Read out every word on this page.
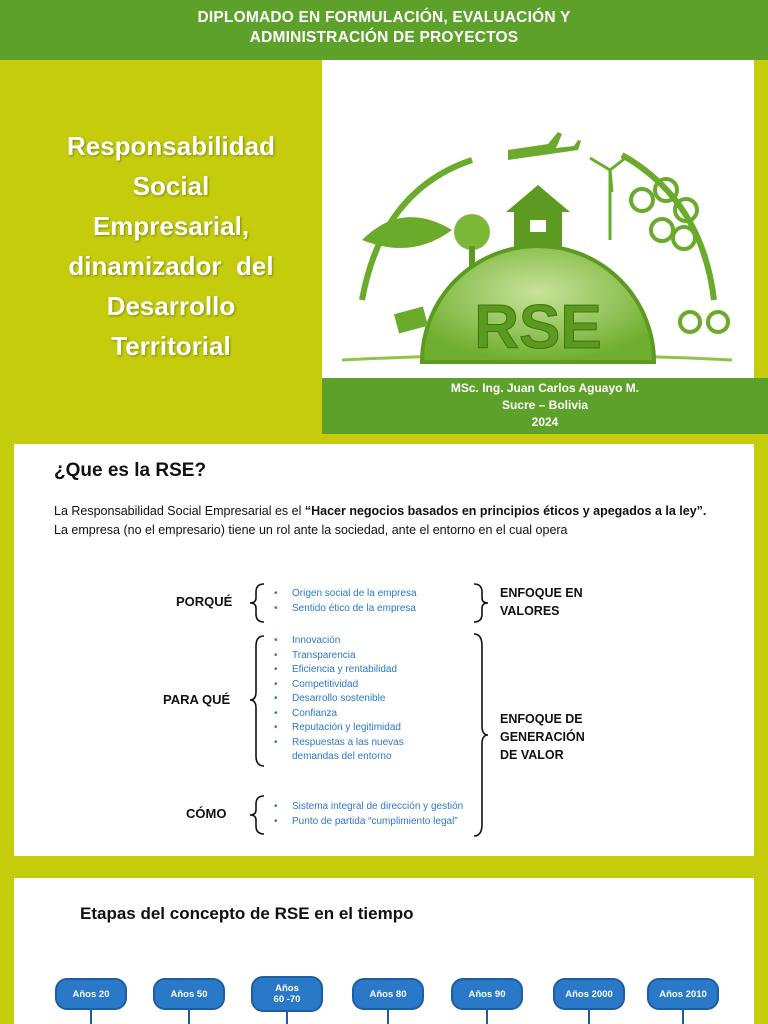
DIPLOMADO EN FORMULACIÓN, EVALUACIÓN Y
ADMINISTRACIÓN DE PROYECTOS
Responsabilidad
Social
Empresarial,
dinamizador  del
Desarrollo
Territorial	RSE
MSc. Ing. Juan Carlos Aguayo M.
Sucre – Bolivia
2024
¿Que es la RSE?
La Responsabilidad Social Empresarial es el “Hacer negocios basados en principios éticos y apegados a la ley”.
La empresa (no el empresario) tiene un rol ante la sociedad, ante el entorno en el cual opera
PORQUÉ
• Origen social de la empresa
• Sentido ético de la empresa
ENFOQUE EN
VALORES
PARA QUÉ
• Innovación
• Transparencia
• Eficiencia y rentabilidad
• Competitividad
• Desarrollo sostenible
• Confianza
• Reputación y legitimidad
• Respuestas a las nuevas demandas del entorno
CÓMO
•	Sistema integral de dirección y gestión
• Punto de partida “cumplimiento legal”
ENFOQUE DE
GENERACIÓN
DE VALOR
Etapas del concepto de RSE en el tiempo
Años 20	Años 50	Años
60 -70	Años 80	Años 90	Años 2000	Años 2010
